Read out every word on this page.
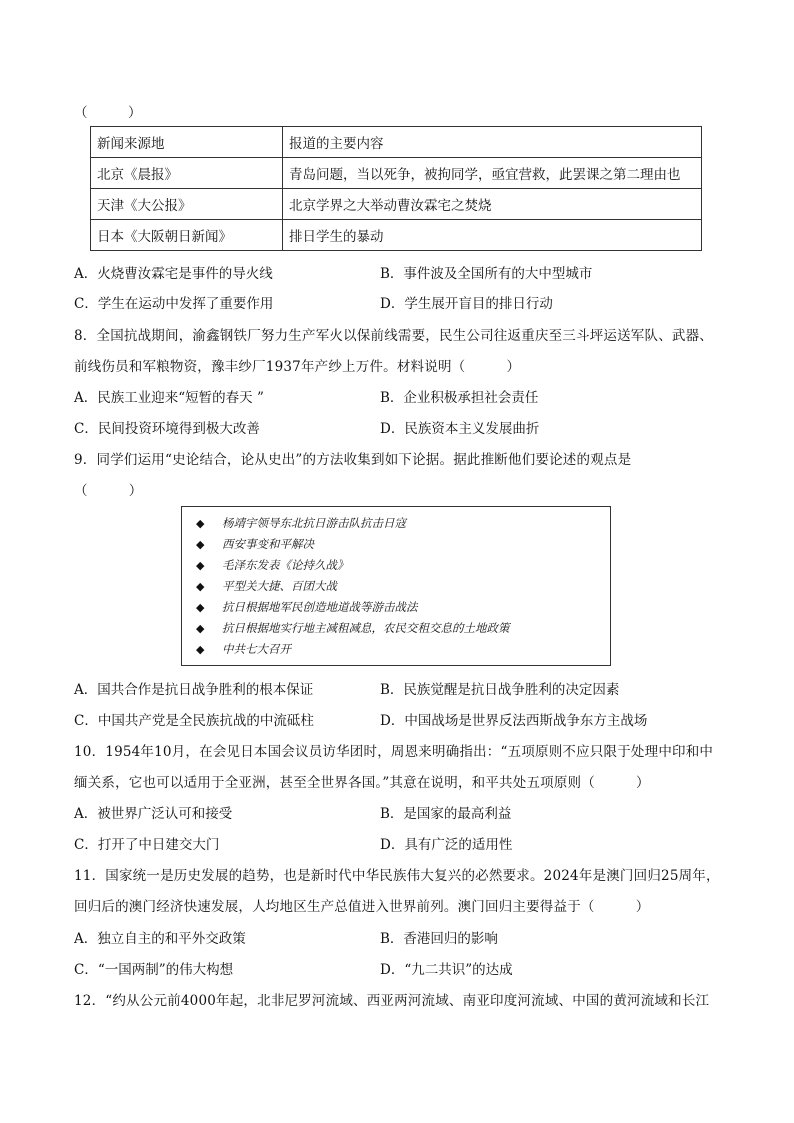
（　　　）
新闻来源地	报道的主要内容
北京《晨报》	青岛问题，当以死争，被拘同学，亟宜营救，此罢课之第二理由也
天津《大公报》	北京学界之大举动曹汝霖宅之焚烧
日本《大阪朝日新闻》	排日学生的暴动
A．火烧曹汝霖宅是事件的导火线	B．事件波及全国所有的大中型城市
C．学生在运动中发挥了重要作用	D．学生展开盲目的排日行动
8．全国抗战期间，渝鑫钢铁厂努力生产军火以保前线需要，民生公司往返重庆至三斗坪运送军队、武器、
前线伤员和军粮物资，豫丰纱厂1937年产纱上万件。材料说明（　　　）
A．民族工业迎来“短暂的春天 ”	B．企业积极承担社会责任
C．民间投资环境得到极大改善	D．民族资本主义发展曲折
9．同学们运用“史论结合，论从史出”的方法收集到如下论据。据此推断他们要论述的观点是
（　　　）
◆ 杨靖宇领导东北抗日游击队抗击日寇
◆ 西安事变和平解决
◆ 毛泽东发表《论持久战》
◆ 平型关大捷、百团大战
◆ 抗日根据地军民创造地道战等游击战法
◆ 抗日根据地实行地主减租减息，农民交租交息的土地政策
◆ 中共七大召开
A．国共合作是抗日战争胜利的根本保证	B．民族觉醒是抗日战争胜利的决定因素
C．中国共产党是全民族抗战的中流砥柱	D．中国战场是世界反法西斯战争东方主战场
10．1954年10月，在会见日本国会议员访华团时，周恩来明确指出：“五项原则不应只限于处理中印和中
缅关系，它也可以适用于全亚洲，甚至全世界各国。”其意在说明，和平共处五项原则（　　　）
A．被世界广泛认可和接受	B．是国家的最高利益
C．打开了中日建交大门	D．具有广泛的适用性
11．国家统一是历史发展的趋势，也是新时代中华民族伟大复兴的必然要求。2024年是澳门回归25周年，
回归后的澳门经济快速发展，人均地区生产总值进入世界前列。澳门回归主要得益于（　　　）
A．独立自主的和平外交政策	B．香港回归的影响
C．“一国两制”的伟大构想	D．“九二共识”的达成
12．“约从公元前4000年起，北非尼罗河流域、西亚两河流域、南亚印度河流域、中国的黄河流域和长江
